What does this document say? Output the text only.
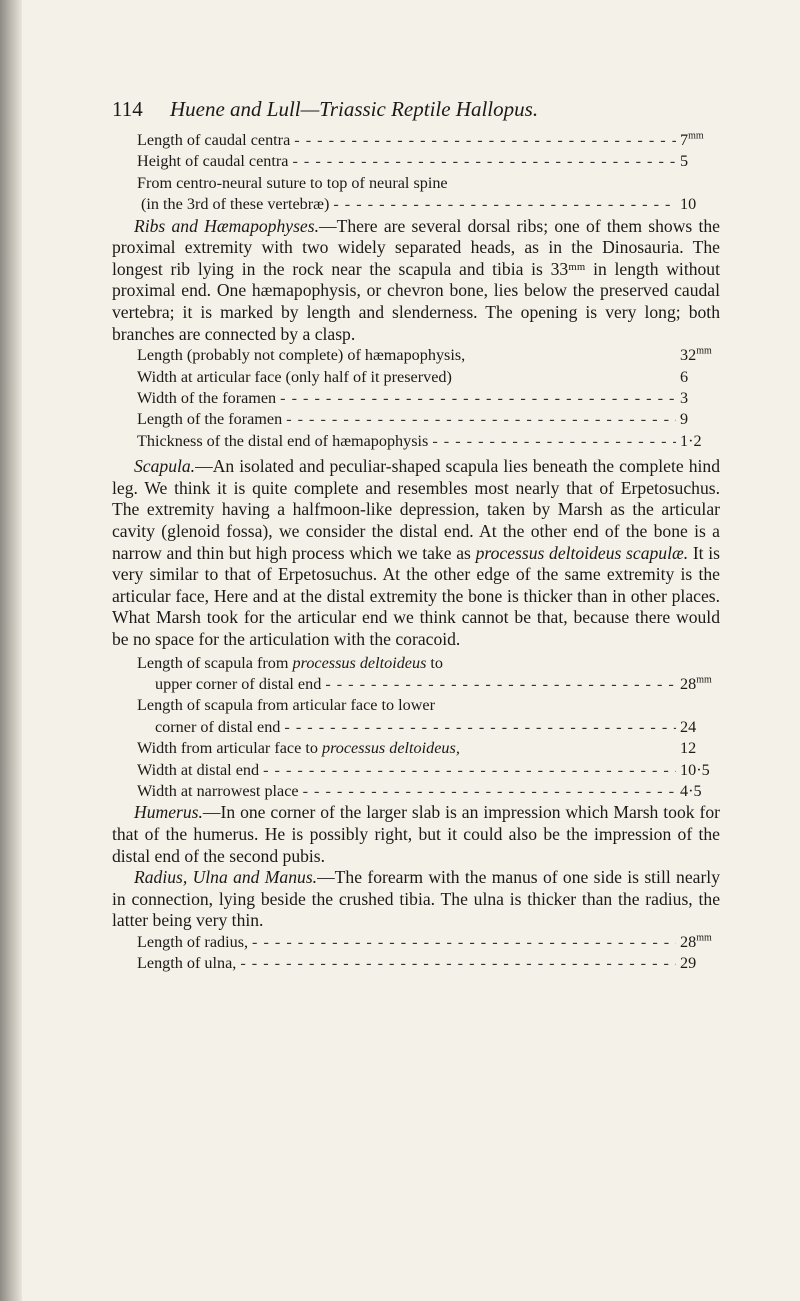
114 Huene and Lull—Triassic Reptile Hallopus.
Length of caudal centra - - -	$7^{mm}$
Height of caudal centra - - -	5
From centro-neural suture to top of neural spine
(in the 3rd of these vertebræ) - - -	10

Ribs and Hæmapophyses.—There are several dorsal ribs; one of them shows the proximal extremity with two widely separated heads, as in the Dinosauria. The longest rib lying in the rock near the scapula and tibia is 33ᵐᵐ in length without proximal end. One hæmapophysis, or chevron bone, lies below the preserved caudal vertebra; it is marked by length and slenderness. The opening is very long; both branches are connected by a clasp.

Length (probably not complete) of hæmapophysis,	$32^{mm}$
Width at articular face (only half of it preserved)	6
Width of the foramen - - -	3
Length of the foramen - - -	9
Thickness of the distal end of hæmapophysis - - -	1·2

Scapula.—An isolated and peculiar-shaped scapula lies beneath the complete hind leg. We think it is quite complete and resembles most nearly that of Erpetosuchus. The extremity having a halfmoon-like depression, taken by Marsh as the articular cavity (glenoid fossa), we consider the distal end. At the other end of the bone is a narrow and thin but high process which we take as processus deltoideus scapulæ. It is very similar to that of Erpetosuchus. At the other edge of the same extremity is the articular face, Here and at the distal extremity the bone is thicker than in other places. What Marsh took for the articular end we think cannot be that, because there would be no space for the articulation with the coracoid.

Length of scapula from processus deltoideus to
upper corner of distal end - - -	$28^{mm}$
Length of scapula from articular face to lower
corner of distal end - - -	24
Width from articular face to processus deltoideus,	12
Width at distal end - - -	10·5
Width at narrowest place - - -	4·5

Humerus.—In one corner of the larger slab is an impression which Marsh took for that of the humerus. He is possibly right, but it could also be the impression of the distal end of the second pubis.

Radius, Ulna and Manus.—The forearm with the manus of one side is still nearly in connection, lying beside the crushed tibia. The ulna is thicker than the radius, the latter being very thin.

Length of radius, - - -	$28^{mm}$
Length of ulna, - - -	29
